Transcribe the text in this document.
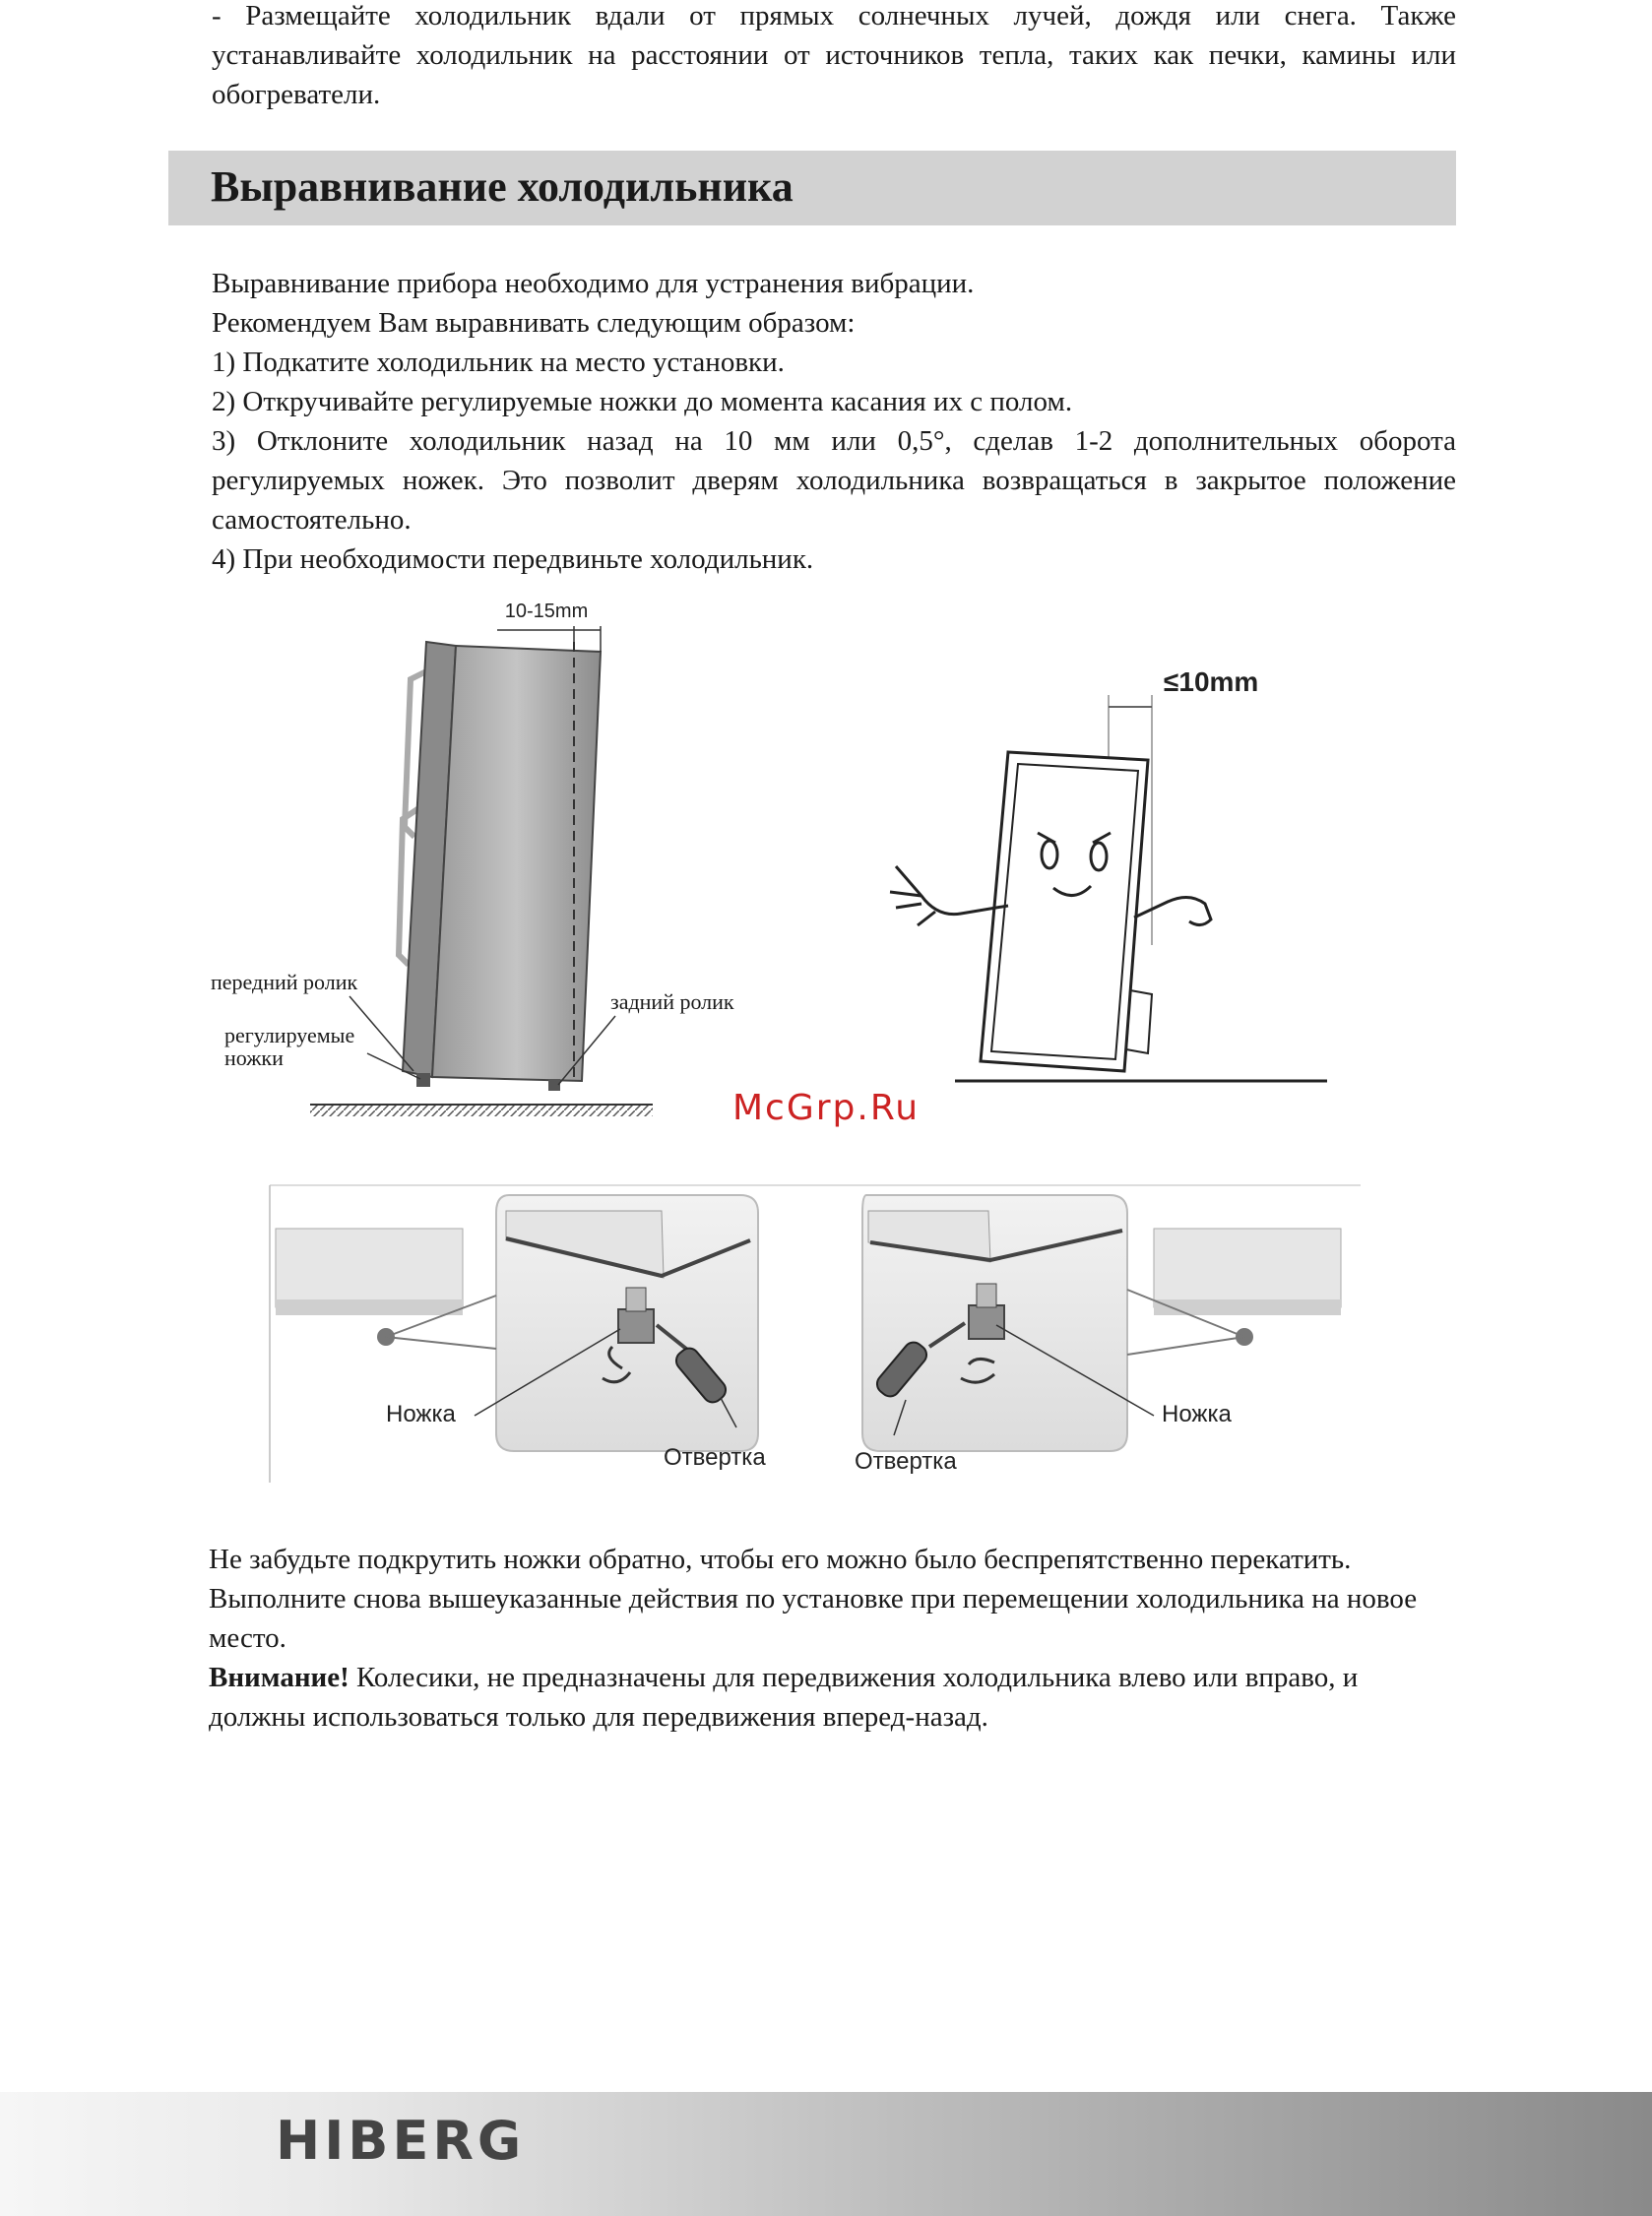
- Размещайте холодильник вдали от прямых солнечных лучей, дождя или снега. Также устанавливайте холодильник на расстоянии от источников тепла, таких как печки, камины или обогреватели.

Выравнивание холодильника
Выравнивание прибора необходимо для устранения вибрации.
Рекомендуем Вам выравнивать следующим образом:
1) Подкатите холодильник на место установки.
2) Откручивайте регулируемые ножки до момента касания их с полом.

3) Отклоните холодильник назад на 10 мм или 0,5°, сделав 1-2 дополнительных оборота регулируемых ножек. Это позволит дверям холодильника возвращаться в закрытое положение самостоятельно.

4) При необходимости передвиньте холодильник.
10-15mm
передний ролик
регулируемые
ножки
задний ролик
≤10mm
McGrp.Ru
Ножка
Отвертка
Ножка
Отвертка

Не забудьте подкрутить ножки обратно, чтобы его можно было беспрепятственно перекатить. Выполните снова вышеуказанные действия по установке при перемещении холодильника на новое место.

Внимание! Колесики, не предназначены для передвижения холодильника влево или вправо, и должны использоваться только для передвижения вперед-назад.

HIBERG
